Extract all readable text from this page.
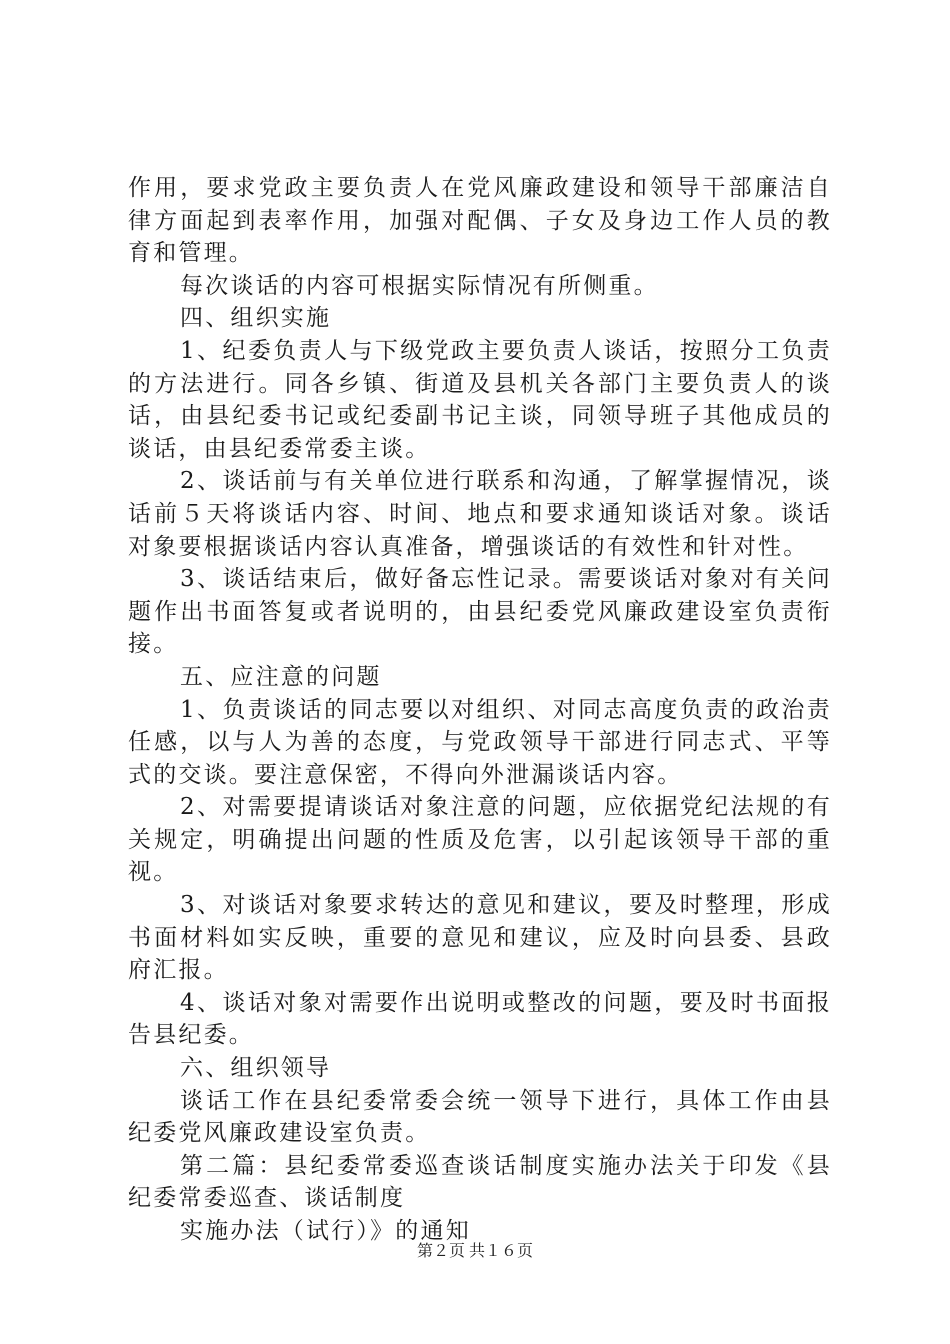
作用，要求党政主要负责人在党风廉政建设和领导干部廉洁自律方面起到表率作用，加强对配偶、子女及身边工作人员的教育和管理。

每次谈话的内容可根据实际情况有所侧重。

四、组织实施

1、纪委负责人与下级党政主要负责人谈话，按照分工负责的方法进行。同各乡镇、街道及县机关各部门主要负责人的谈话，由县纪委书记或纪委副书记主谈，同领导班子其他成员的谈话，由县纪委常委主谈。

2、谈话前与有关单位进行联系和沟通，了解掌握情况，谈话前５天将谈话内容、时间、地点和要求通知谈话对象。谈话对象要根据谈话内容认真准备，增强谈话的有效性和针对性。

3、谈话结束后，做好备忘性记录。需要谈话对象对有关问题作出书面答复或者说明的，由县纪委党风廉政建设室负责衔接。

五、应注意的问题

1、负责谈话的同志要以对组织、对同志高度负责的政治责任感，以与人为善的态度，与党政领导干部进行同志式、平等式的交谈。要注意保密，不得向外泄漏谈话内容。

2、对需要提请谈话对象注意的问题，应依据党纪法规的有关规定，明确提出问题的性质及危害，以引起该领导干部的重视。

3、对谈话对象要求转达的意见和建议，要及时整理，形成书面材料如实反映，重要的意见和建议，应及时向县委、县政府汇报。

4、谈话对象对需要作出说明或整改的问题，要及时书面报告县纪委。

六、组织领导

谈话工作在县纪委常委会统一领导下进行，具体工作由县纪委党风廉政建设室负责。

第二篇：县纪委常委巡查谈话制度实施办法关于印发《县纪委常委巡查、谈话制度

实施办法（试行）》的通知

第２页 共１６页
